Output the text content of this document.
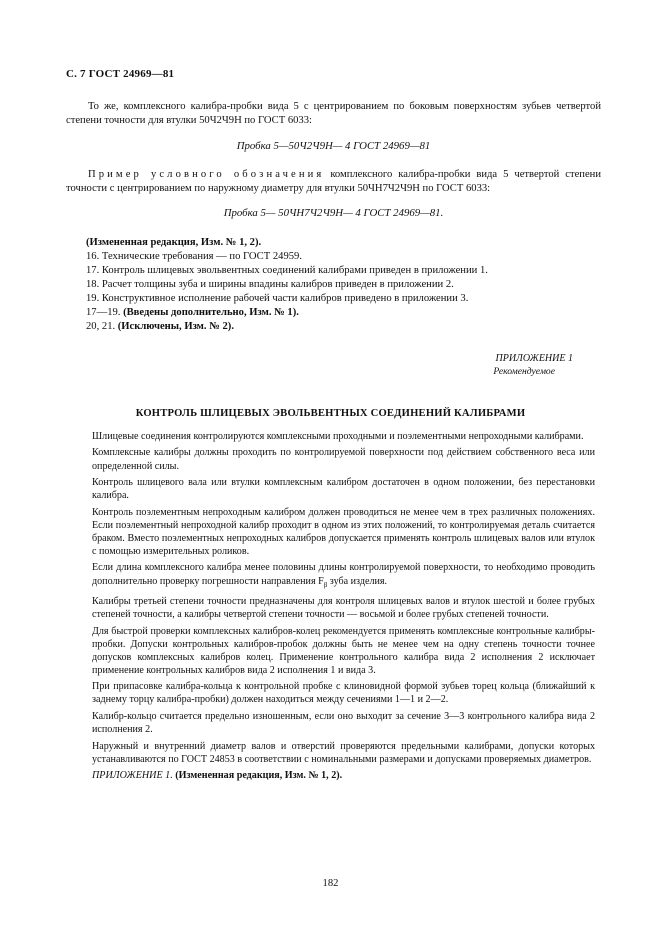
С. 7 ГОСТ 24969—81
То же, комплексного калибра-пробки вида 5 с центрированием по боковым поверхностям зубьев четвертой степени точности для втулки 50Ч2Ч9Н по ГОСТ 6033:
Пробка 5—50Ч2Ч9Н— 4 ГОСТ 24969—81
Пример условного обозначения комплексного калибра-пробки вида 5 четвертой степени точности с центрированием по наружному диаметру для втулки 50ЧН7Ч2Ч9Н по ГОСТ 6033:
Пробка 5— 50ЧН7Ч2Ч9Н— 4 ГОСТ 24969—81.
(Измененная редакция, Изм. № 1, 2).
16. Технические требования — по ГОСТ 24959.
17. Контроль шлицевых эвольвентных соединений калибрами приведен в приложении 1.
18. Расчет толщины зуба и ширины впадины калибров приведен в приложении 2.
19. Конструктивное исполнение рабочей части калибров приведено в приложении 3.
17—19. (Введены дополнительно, Изм. № 1).
20, 21. (Исключены, Изм. № 2).
ПРИЛОЖЕНИЕ 1
Рекомендуемое
КОНТРОЛЬ ШЛИЦЕВЫХ ЭВОЛЬВЕНТНЫХ СОЕДИНЕНИЙ КАЛИБРАМИ
Шлицевые соединения контролируются комплексными проходными и поэлементными непроходными калибрами.
Комплексные калибры должны проходить по контролируемой поверхности под действием собственного веса или определенной силы.
Контроль шлицевого вала или втулки комплексным калибром достаточен в одном положении, без перестановки калибра.
Контроль поэлементным непроходным калибром должен проводиться не менее чем в трех различных положениях. Если поэлементный непроходной калибр проходит в одном из этих положений, то контролируемая деталь считается браком. Вместо поэлементных непроходных калибров допускается применять контроль шлицевых валов или втулок с помощью измерительных роликов.
Если длина комплексного калибра менее половины длины контролируемой поверхности, то необходимо проводить дополнительно проверку погрешности направления $F_\beta$ зуба изделия.
Калибры третьей степени точности предназначены для контроля шлицевых валов и втулок шестой и более грубых степеней точности, а калибры четвертой степени точности — восьмой и более грубых степеней точности.
Для быстрой проверки комплексных калибров-колец рекомендуется применять комплексные контрольные калибры-пробки. Допуски контрольных калибров-пробок должны быть не менее чем на одну степень точности точнее допусков комплексных калибров колец. Применение контрольного калибра вида 2 исполнения 2 исключает применение контрольных калибров вида 2 исполнения 1 и вида 3.
При припасовке калибра-кольца к контрольной пробке с клиновидной формой зубьев торец кольца (ближайший к заднему торцу калибра-пробки) должен находиться между сечениями 1—1 и 2—2.
Калибр-кольцо считается предельно изношенным, если оно выходит за сечение 3—3 контрольного калибра вида 2 исполнения 2.
Наружный и внутренний диаметр валов и отверстий проверяются предельными калибрами, допуски которых устанавливаются по ГОСТ 24853 в соответствии с номинальными размерами и допусками проверяемых диаметров.
ПРИЛОЖЕНИЕ 1. (Измененная редакция, Изм. № 1, 2).
182
